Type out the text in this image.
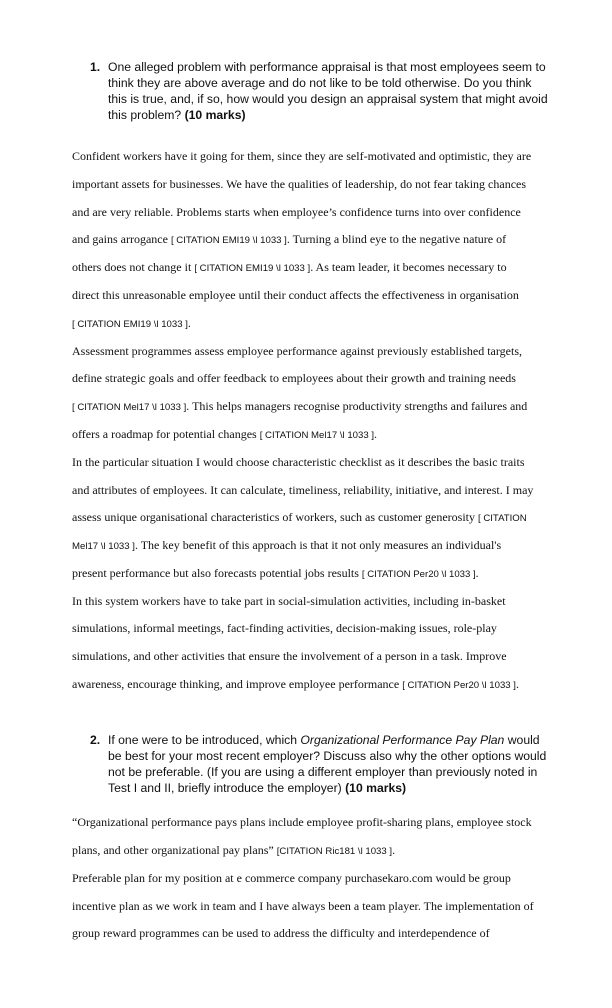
1. One alleged problem with performance appraisal is that most employees seem to think they are above average and do not like to be told otherwise. Do you think this is true, and, if so, how would you design an appraisal system that might avoid this problem? (10 marks)
Confident workers have it going for them, since they are self-motivated and optimistic, they are
important assets for businesses. We have the qualities of leadership, do not fear taking chances
and are very reliable. Problems starts when employee’s confidence turns into over confidence
and gains arrogance [ CITATION EMI19 \l 1033 ]. Turning a blind eye to the negative nature of
others does not change it [ CITATION EMI19 \l 1033 ]. As team leader, it becomes necessary to
direct this unreasonable employee until their conduct affects the effectiveness in organisation
[ CITATION EMI19 \l 1033 ].
Assessment programmes assess employee performance against previously established targets,
define strategic goals and offer feedback to employees about their growth and training needs
[ CITATION Mel17 \l 1033 ]. This helps managers recognise productivity strengths and failures and
offers a roadmap for potential changes [ CITATION Mel17 \l 1033 ].
In the particular situation I would choose characteristic checklist as it describes the basic traits
and attributes of employees. It can calculate, timeliness, reliability, initiative, and interest. I may
assess unique organisational characteristics of workers, such as customer generosity [ CITATION
Mel17 \l 1033 ]. The key benefit of this approach is that it not only measures an individual's
present performance but also forecasts potential jobs results [ CITATION Per20 \l 1033 ].
In this system workers have to take part in social-simulation activities, including in-basket
simulations, informal meetings, fact-finding activities, decision-making issues, role-play
simulations, and other activities that ensure the involvement of a person in a task. Improve
awareness, encourage thinking, and improve employee performance [ CITATION Per20 \l 1033 ].
2. If one were to be introduced, which Organizational Performance Pay Plan would be best for your most recent employer? Discuss also why the other options would not be preferable. (If you are using a different employer than previously noted in Test I and II, briefly introduce the employer) (10 marks)
“Organizational performance pays plans include employee profit-sharing plans, employee stock
plans, and other organizational pay plans” [CITATION Ric181 \l 1033 ].
Preferable plan for my position at e commerce company purchasekaro.com would be group
incentive plan as we work in team and I have always been a team player. The implementation of
group reward programmes can be used to address the difficulty and interdependence of
